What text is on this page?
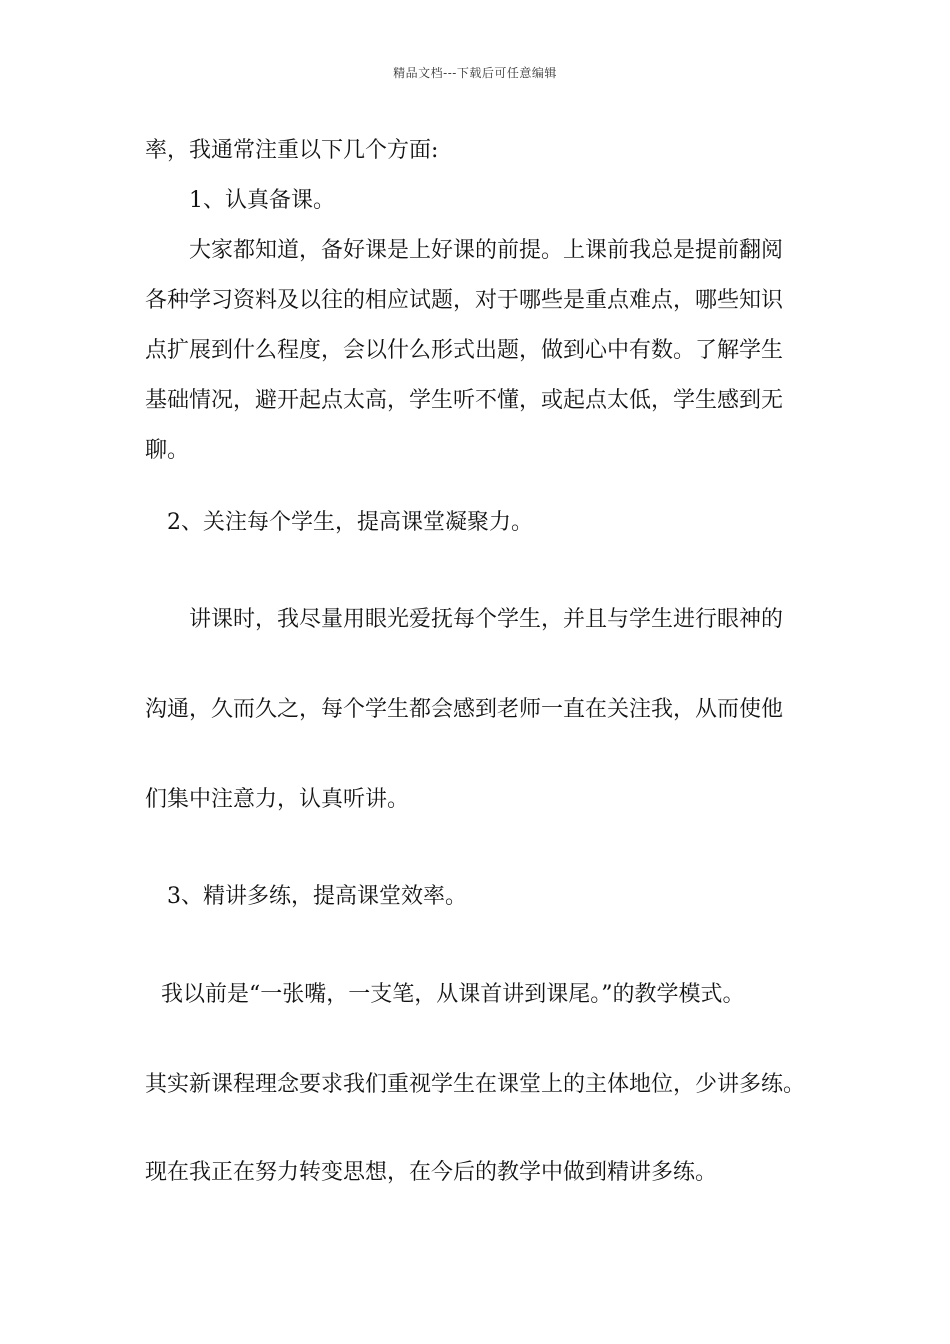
精品文档---下载后可任意编辑
率，我通常注重以下几个方面:
1、认真备课。
大家都知道，备好课是上好课的前提。上课前我总是提前翻阅
各种学习资料及以往的相应试题，对于哪些是重点难点，哪些知识
点扩展到什么程度，会以什么形式出题，做到心中有数。了解学生
基础情况，避开起点太高，学生听不懂，或起点太低，学生感到无
聊。
2、关注每个学生，提高课堂凝聚力。
讲课时，我尽量用眼光爱抚每个学生，并且与学生进行眼神的
沟通，久而久之，每个学生都会感到老师一直在关注我，从而使他
们集中注意力，认真听讲。
3、精讲多练，提高课堂效率。
我以前是“一张嘴，一支笔，从课首讲到课尾。”的教学模式。
其实新课程理念要求我们重视学生在课堂上的主体地位，少讲多练。
现在我正在努力转变思想，在今后的教学中做到精讲多练。
